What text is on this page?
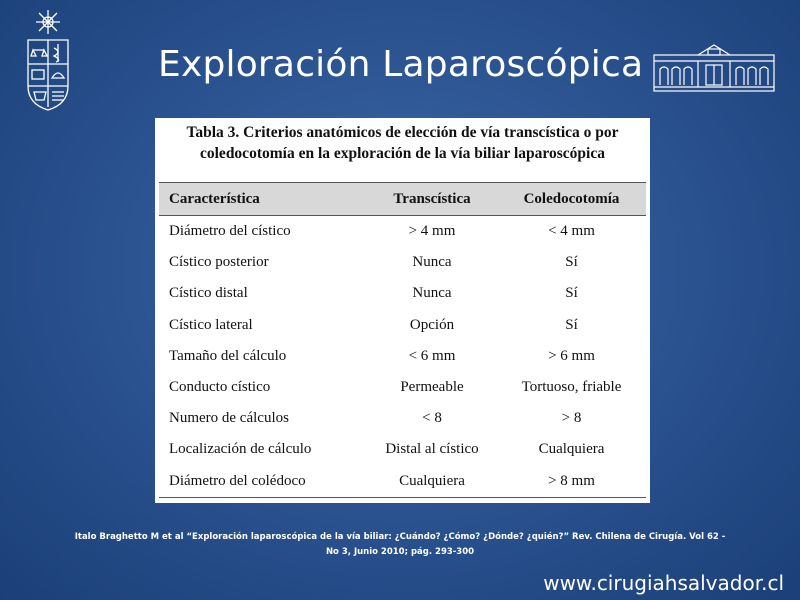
Exploración Laparoscópica
Tabla 3. Criterios anatómicos de elección de vía transcística o por
coledocotomía en la exploración de la vía biliar laparoscópica
Característica	Transcística	Coledocotomía
Diámetro del cístico	> 4 mm	< 4 mm
Cístico posterior	Nunca	Sí
Cístico distal	Nunca	Sí
Cístico lateral	Opción	Sí
Tamaño del cálculo	< 6 mm	> 6 mm
Conducto cístico	Permeable	Tortuoso, friable
Numero de cálculos	< 8	> 8
Localización de cálculo	Distal al cístico	Cualquiera
Diámetro del colédoco	Cualquiera	> 8 mm
Italo Braghetto M et al “Exploración laparoscópica de la vía biliar: ¿Cuándo? ¿Cómo? ¿Dónde? ¿quién?” Rev. Chilena de Cirugía. Vol 62 -
No 3, Junio 2010; pág. 293-300
www.cirugiahsalvador.cl
